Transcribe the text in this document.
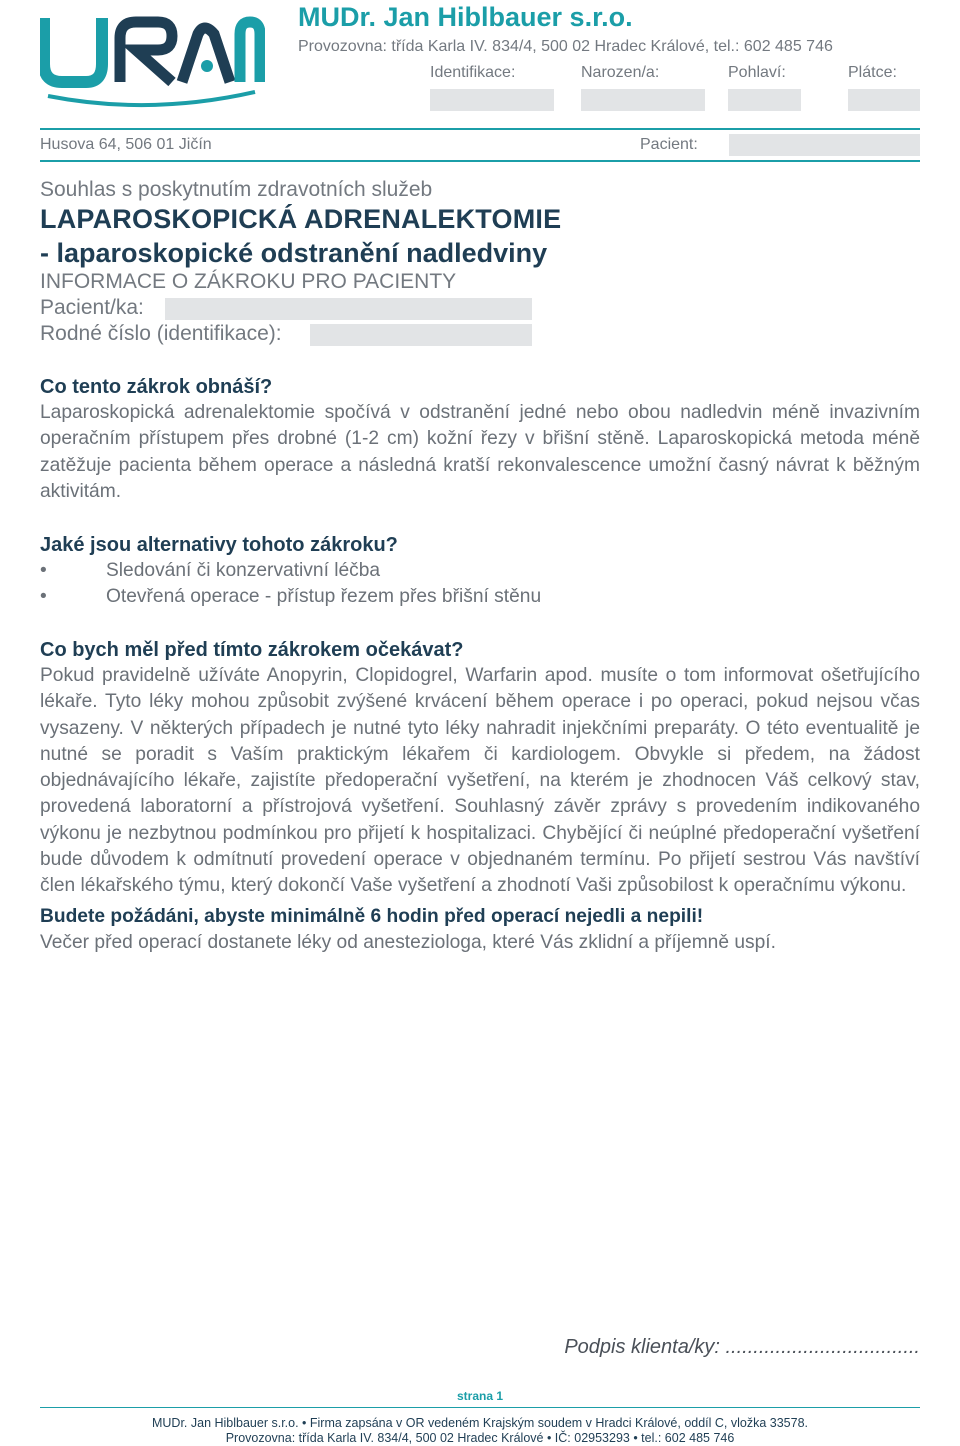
MUDr. Jan Hiblbauer s.r.o.
Provozovna: třída Karla IV. 834/4, 500 02 Hradec Králové, tel.: 602 485 746
Identifikace:	Narozen/a:	Pohlaví:	Plátce:
Husova 64, 506 01 Jičín	Pacient:
Souhlas s poskytnutím zdravotních služeb
LAPAROSKOPICKÁ ADRENALEKTOMIE
- laparoskopické odstranění nadledviny
INFORMACE O ZÁKROKU PRO PACIENTY
Pacient/ka:
Rodné číslo (identifikace):
Co tento zákrok obnáší?

Laparoskopická adrenalektomie spočívá v odstranění jedné nebo obou nadledvin méně invazivním operačním přístupem přes drobné (1-2 cm) kožní řezy v břišní stěně. Laparoskopická metoda méně zatěžuje pacienta během operace a následná kratší rekonvalescence umožní časný návrat k běžným aktivitám.

Jaké jsou alternativy tohoto zákroku?
•	Sledování či konzervativní léčba
•	Otevřená operace - přístup řezem přes břišní stěnu
Co bych měl před tímto zákrokem očekávat?

Pokud pravidelně užíváte Anopyrin, Clopidogrel, Warfarin apod. musíte o tom informovat ošetřujícího lékaře. Tyto léky mohou způsobit zvýšené krvácení během operace i po operaci, pokud nejsou včas vysazeny. V některých případech je nutné tyto léky nahradit injekčními preparáty. O této eventualitě je nutné se poradit s Vaším praktickým lékařem či kardiologem. Obvykle si předem, na žádost objednávajícího lékaře, zajistíte předoperační vyšetření, na kterém je zhodnocen Váš celkový stav, provedená laboratorní a přístrojová vyšetření. Souhlasný závěr zprávy s provedením indikovaného výkonu je nezbytnou podmínkou pro přijetí k hospitalizaci. Chybějící či neúplné předoperační vyšetření bude důvodem k odmítnutí provedení operace v objednaném termínu. Po přijetí sestrou Vás navštíví člen lékařského týmu, který dokončí Vaše vyšetření a zhodnotí Vaši způsobilost k operačnímu výkonu.

Budete požádáni, abyste minimálně 6 hodin před operací nejedli a nepili!
Večer před operací dostanete léky od anesteziologa, které Vás zklidní a příjemně uspí.
Podpis klienta/ky: ...................................
strana 1
MUDr. Jan Hiblbauer s.r.o. • Firma zapsána v OR vedeném Krajským soudem v Hradci Králové, oddíl C, vložka 33578.
Provozovna: třída Karla IV. 834/4, 500 02 Hradec Králové • IČ: 02953293 • tel.: 602 485 746
